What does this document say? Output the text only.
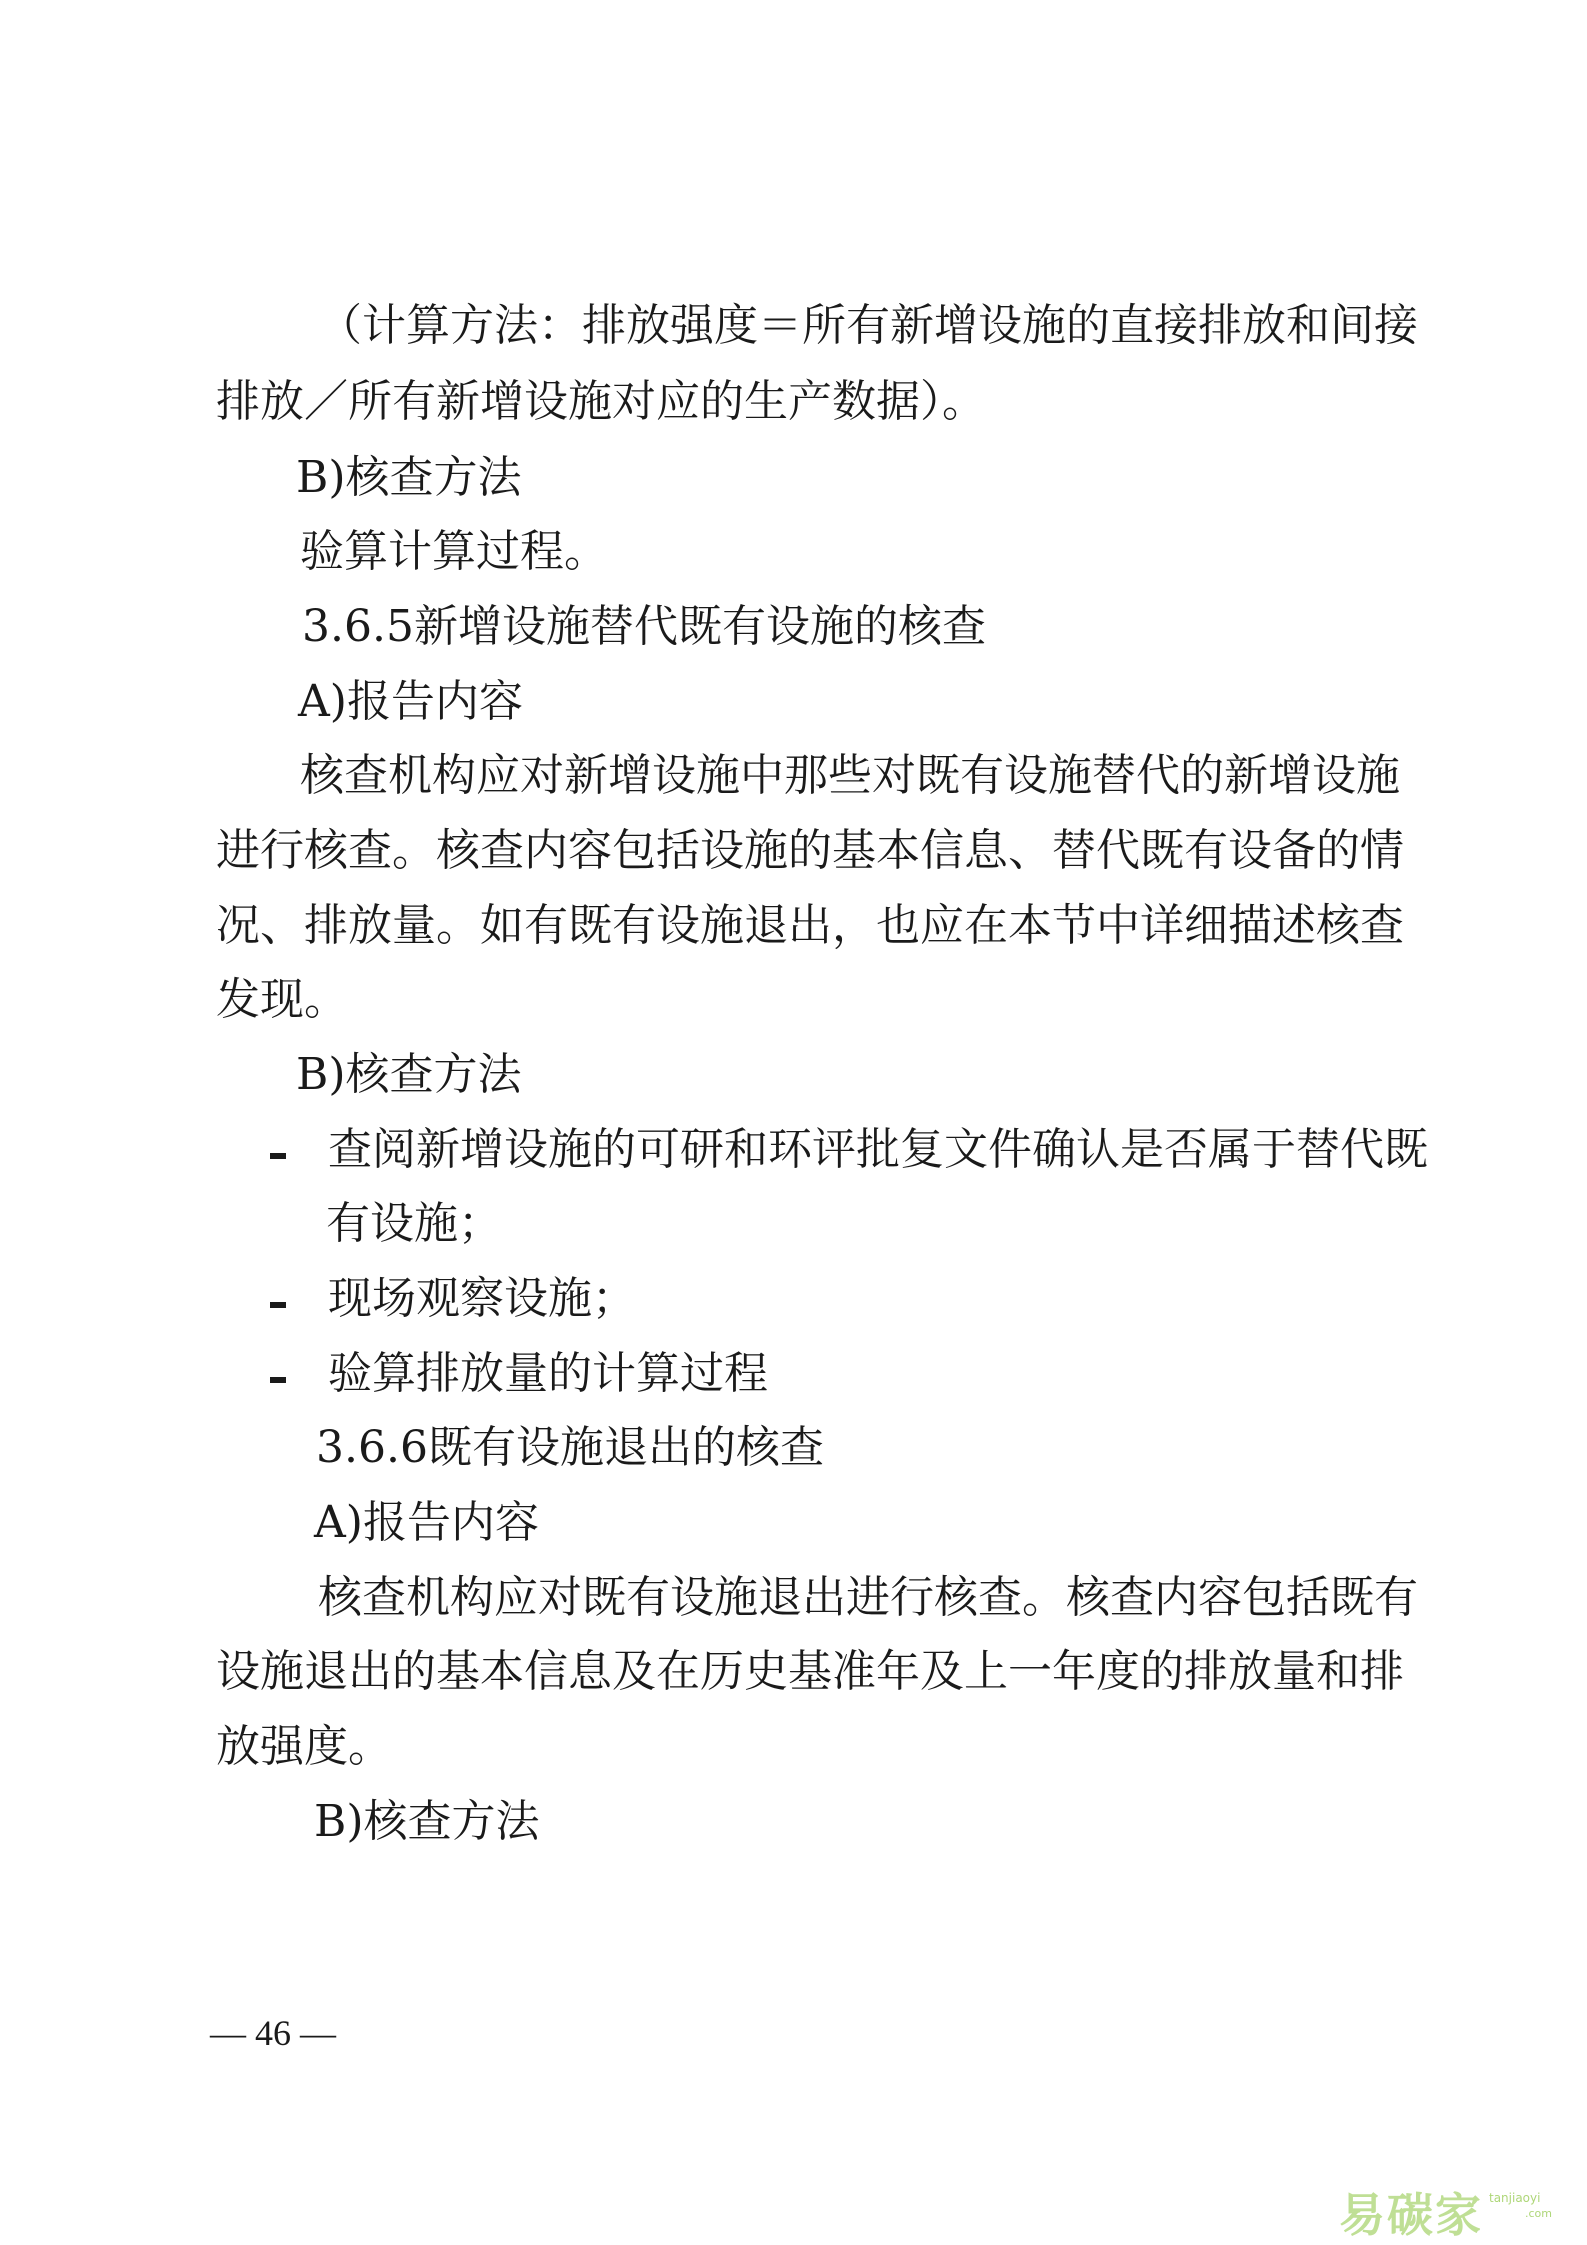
（计算方法：排放强度＝所有新增设施的直接排放和间接
排放／所有新增设施对应的生产数据）。
B)核查方法
验算计算过程。
3.6.5新增设施替代既有设施的核查
A)报告内容
核查机构应对新增设施中那些对既有设施替代的新增设施
进行核查。核查内容包括设施的基本信息、替代既有设备的情
况、排放量。如有既有设施退出，也应在本节中详细描述核查
发现。
B)核查方法
查阅新增设施的可研和环评批复文件确认是否属于替代既
有设施；
现场观察设施；
验算排放量的计算过程
3.6.6既有设施退出的核查
A)报告内容
核查机构应对既有设施退出进行核查。核查内容包括既有
设施退出的基本信息及在历史基准年及上一年度的排放量和排
放强度。
B)核查方法
— 46 —
易碳家 tanjiaoyi
.com
